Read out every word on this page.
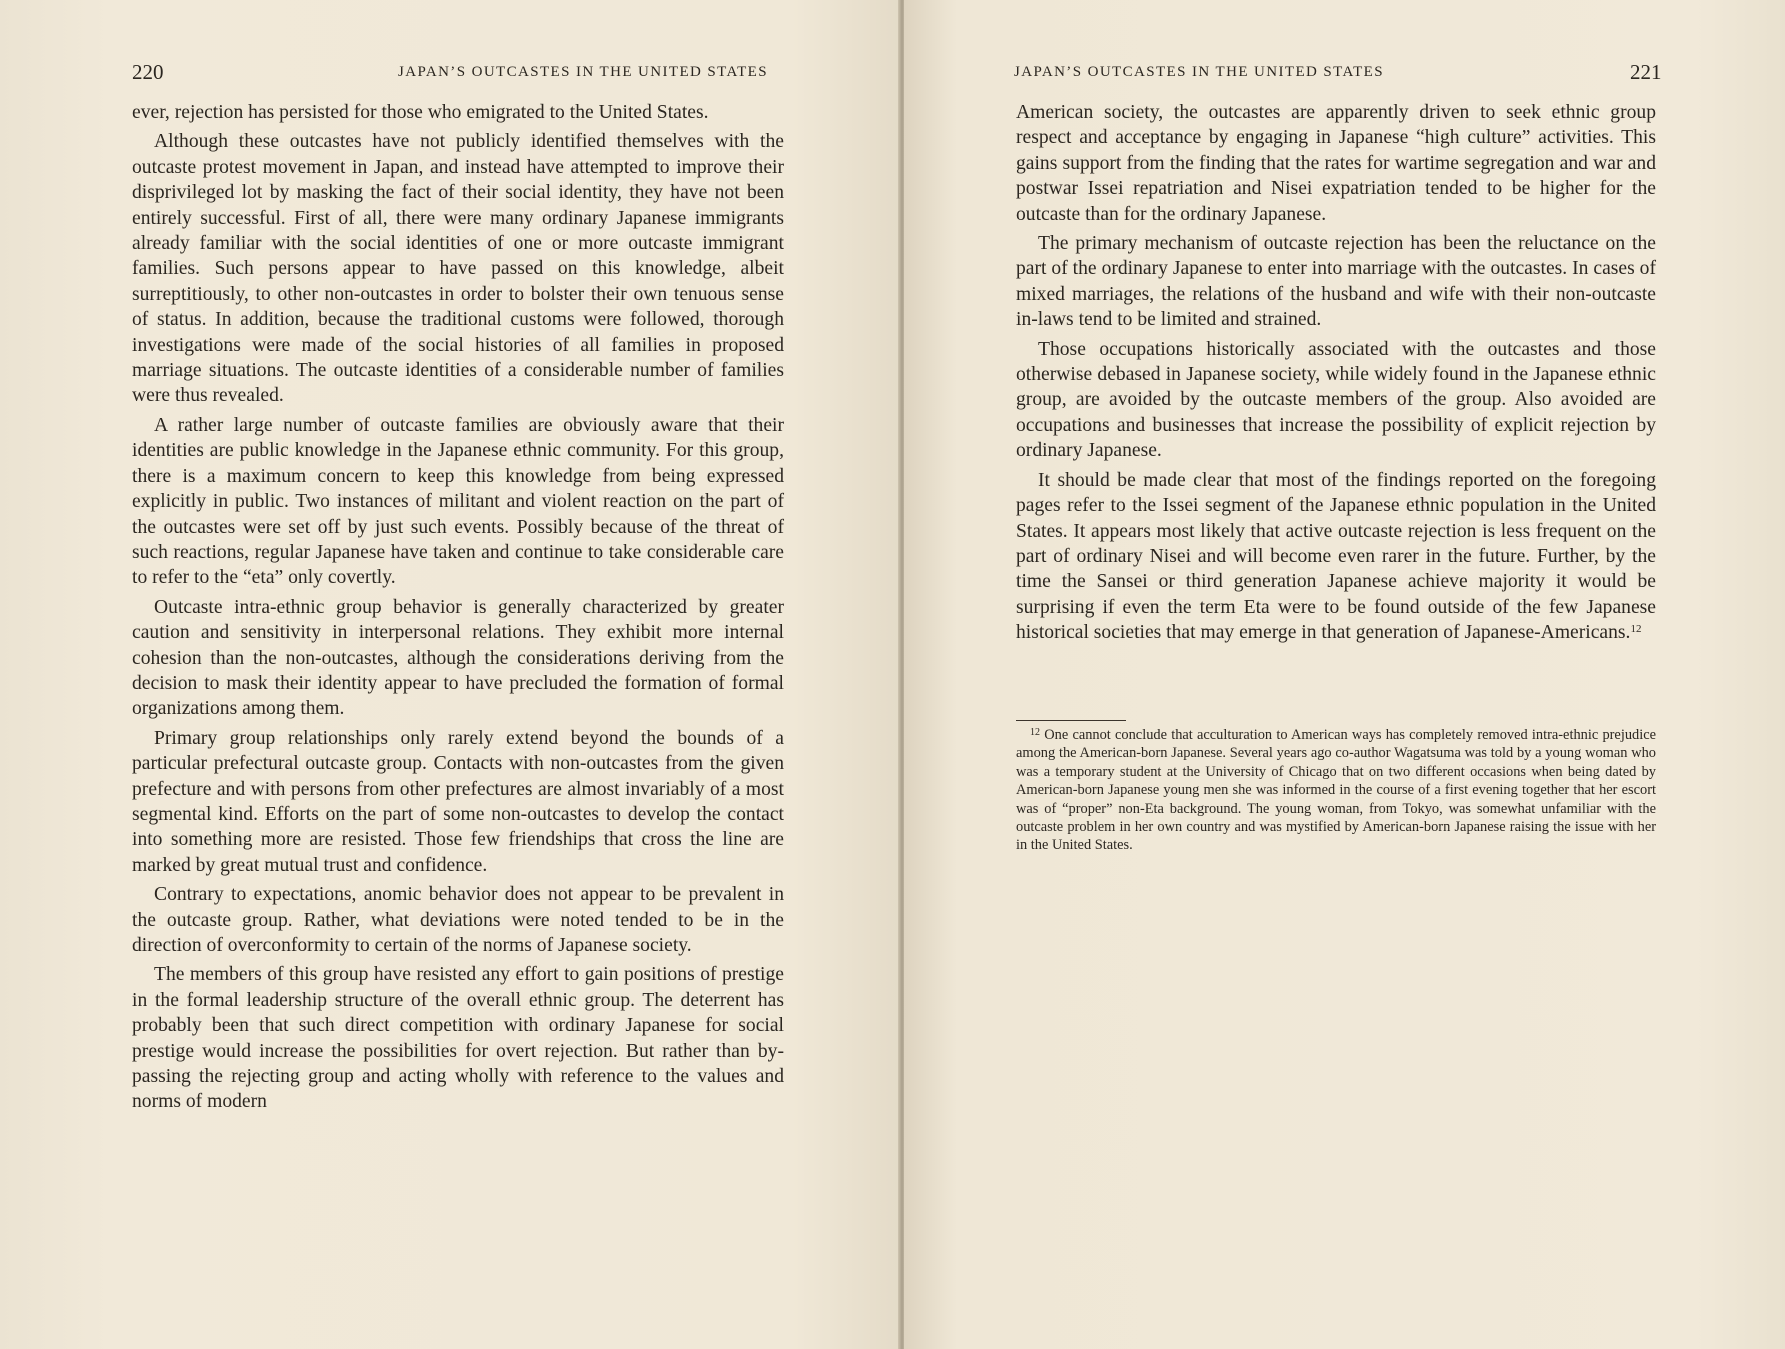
220	JAPAN’S OUTCASTES IN THE UNITED STATES

ever, rejection has persisted for those who emigrated to the United States.

Although these outcastes have not publicly identified themselves with the outcaste protest movement in Japan, and instead have attempted to improve their disprivileged lot by masking the fact of their social identity, they have not been entirely successful. First of all, there were many ordinary Japanese immigrants already familiar with the social identities of one or more outcaste immigrant families. Such persons appear to have passed on this knowledge, albeit surreptitiously, to other non-outcastes in order to bolster their own tenuous sense of status. In addition, because the traditional customs were followed, thorough investigations were made of the social histories of all families in proposed marriage situations. The outcaste identities of a considerable number of families were thus revealed.

A rather large number of outcaste families are obviously aware that their identities are public knowledge in the Japanese ethnic community. For this group, there is a maximum concern to keep this knowledge from being expressed explicitly in public. Two instances of militant and violent reaction on the part of the outcastes were set off by just such events. Possibly because of the threat of such reactions, regular Japanese have taken and continue to take considerable care to refer to the “eta” only covertly.

Outcaste intra-ethnic group behavior is generally characterized by greater caution and sensitivity in interpersonal relations. They exhibit more internal cohesion than the non-outcastes, although the considerations deriving from the decision to mask their identity appear to have precluded the formation of formal organizations among them.

Primary group relationships only rarely extend beyond the bounds of a particular prefectural outcaste group. Contacts with non-outcastes from the given prefecture and with persons from other prefectures are almost invariably of a most segmental kind. Efforts on the part of some non-outcastes to develop the contact into something more are resisted. Those few friendships that cross the line are marked by great mutual trust and confidence.

Contrary to expectations, anomic behavior does not appear to be prevalent in the outcaste group. Rather, what deviations were noted tended to be in the direction of overconformity to certain of the norms of Japanese society.

The members of this group have resisted any effort to gain positions of prestige in the formal leadership structure of the overall ethnic group. The deterrent has probably been that such direct competition with ordinary Japanese for social prestige would increase the possibilities for overt rejection. But rather than by-passing the rejecting group and acting wholly with reference to the values and norms of modern

JAPAN’S OUTCASTES IN THE UNITED STATES	221

American society, the outcastes are apparently driven to seek ethnic group respect and acceptance by engaging in Japanese “high culture” activities. This gains support from the finding that the rates for wartime segregation and war and postwar Issei repatriation and Nisei expatriation tended to be higher for the outcaste than for the ordinary Japanese.

The primary mechanism of outcaste rejection has been the reluctance on the part of the ordinary Japanese to enter into marriage with the outcastes. In cases of mixed marriages, the relations of the husband and wife with their non-outcaste in-laws tend to be limited and strained.

Those occupations historically associated with the outcastes and those otherwise debased in Japanese society, while widely found in the Japanese ethnic group, are avoided by the outcaste members of the group. Also avoided are occupations and businesses that increase the possibility of explicit rejection by ordinary Japanese.

It should be made clear that most of the findings reported on the foregoing pages refer to the Issei segment of the Japanese ethnic population in the United States. It appears most likely that active outcaste rejection is less frequent on the part of ordinary Nisei and will become even rarer in the future. Further, by the time the Sansei or third generation Japanese achieve majority it would be surprising if even the term Eta were to be found outside of the few Japanese historical societies that may emerge in that generation of Japanese-Americans.$^{12}$

$^{12}$ One cannot conclude that acculturation to American ways has completely removed intra-ethnic prejudice among the American-born Japanese. Several years ago co-author Wagatsuma was told by a young woman who was a temporary student at the University of Chicago that on two different occasions when being dated by American-born Japanese young men she was informed in the course of a first evening together that her escort was of “proper” non-Eta background. The young woman, from Tokyo, was somewhat unfamiliar with the outcaste problem in her own country and was mystified by American-born Japanese raising the issue with her in the United States.
